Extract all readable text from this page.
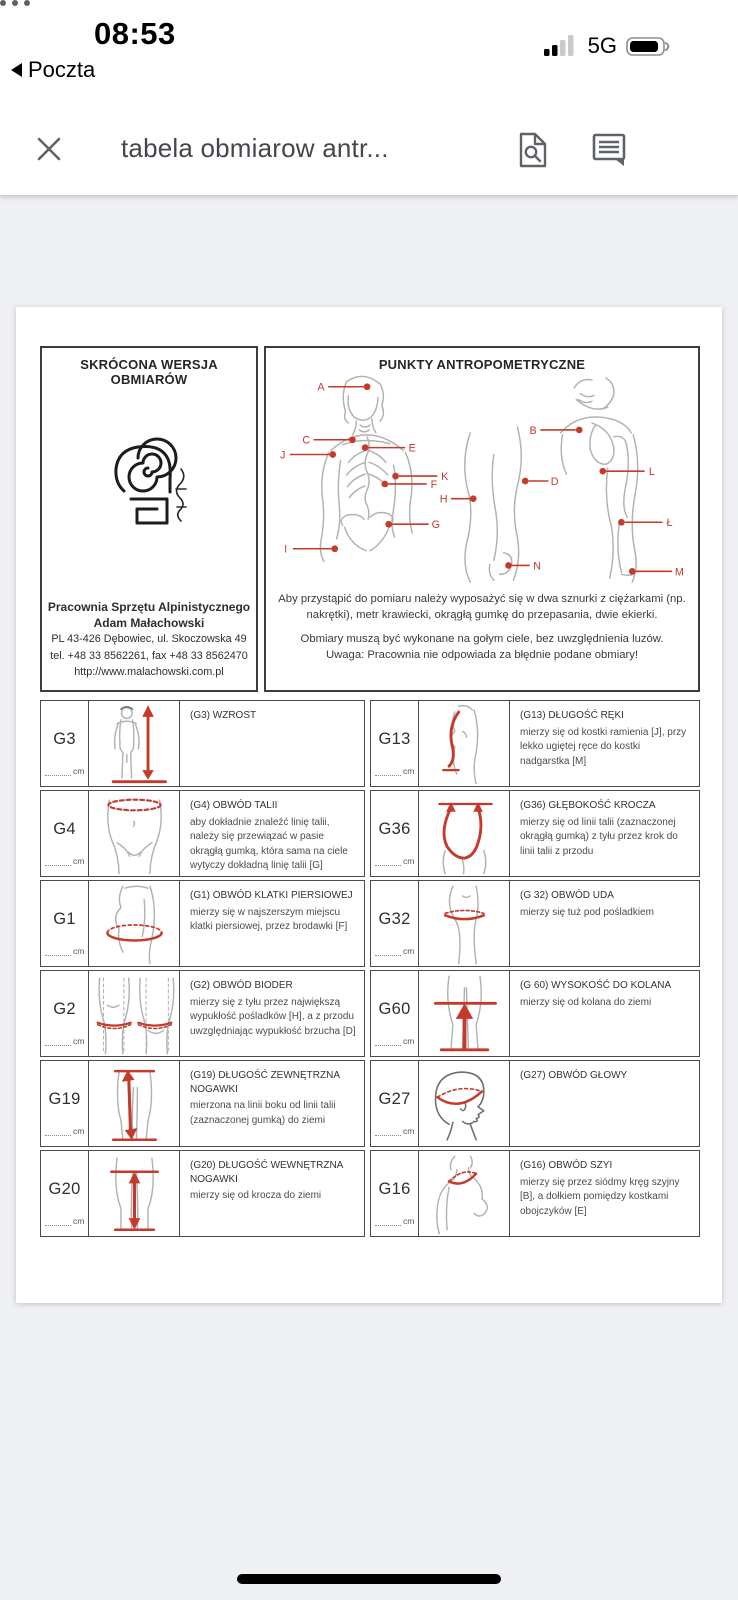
08:53
Poczta
5G
tabela obmiarow antr...
SKRÓCONA WERSJA OBMIARÓW
Pracownia Sprzętu Alpinistycznego
Adam Małachowski
PL 43-426 Dębowiec, ul. Skoczowska 49
tel. +48 33 8562261, fax +48 33 8562470
http://www.malachowski.com.pl
PUNKTY ANTROPOMETRYCZNE
A
B
C
D
E
F
G
H
I
J
K	L
Ł
M
N
Aby przystąpić do pomiaru należy wyposażyć się w dwa sznurki z ciężarkami (np. nakrętki), metr krawiecki, okrągłą gumkę do przepasania, dwie ekierki.
Obmiary muszą być wykonane na gołym ciele, bez uwzględnienia luzów.
Uwaga: Pracownia nie odpowiada za błędnie podane obmiary!
G3
cm
(G3) WZROST
G4
cm
(G4) OBWÓD TALII
aby dokładnie znaleźć linię talii, należy się przewiązać w pasie okrągłą gumką, która sama na ciele wytyczy dokładną linię talii [G]
G1
cm
(G1) OBWÓD KLATKI PIERSIOWEJ
mierzy się w najszerszym miejscu klatki piersiowej, przez brodawki [F]
G2
cm
(G2) OBWÓD BIODER
mierzy się z tyłu przez największą wypukłość pośladków [H], a z przodu uwzględniając wypukłość brzucha [D]
G19
cm
(G19) DŁUGOŚĆ ZEWNĘTRZNA NOGAWKI
mierzona na linii boku od linii talii (zaznaczonej gumką) do ziemi
G20
cm
(G20) DŁUGOŚĆ WEWNĘTRZNA NOGAWKI
mierzy się od krocza do ziemi
G13
cm
(G13) DŁUGOŚĆ RĘKI
mierzy się od kostki ramienia [J], przy lekko ugiętej ręce do kostki nadgarstka [M]
G36
cm
(G36) GŁĘBOKOŚĆ KROCZA
mierzy się od linii talii (zaznaczonej okrągłą gumką) z tyłu przez krok do linii talii z przodu
G32
cm
(G 32) OBWÓD UDA
mierzy się tuż pod pośladkiem
G60
cm
(G 60) WYSOKOŚĆ DO KOLANA
mierzy się od kolana do ziemi
G27
cm
(G27) OBWÓD GŁOWY
G16
cm
(G16) OBWÓD SZYI
mierzy się przez siódmy kręg szyjny [B], a dołkiem pomiędzy kostkami obojczyków [E]
